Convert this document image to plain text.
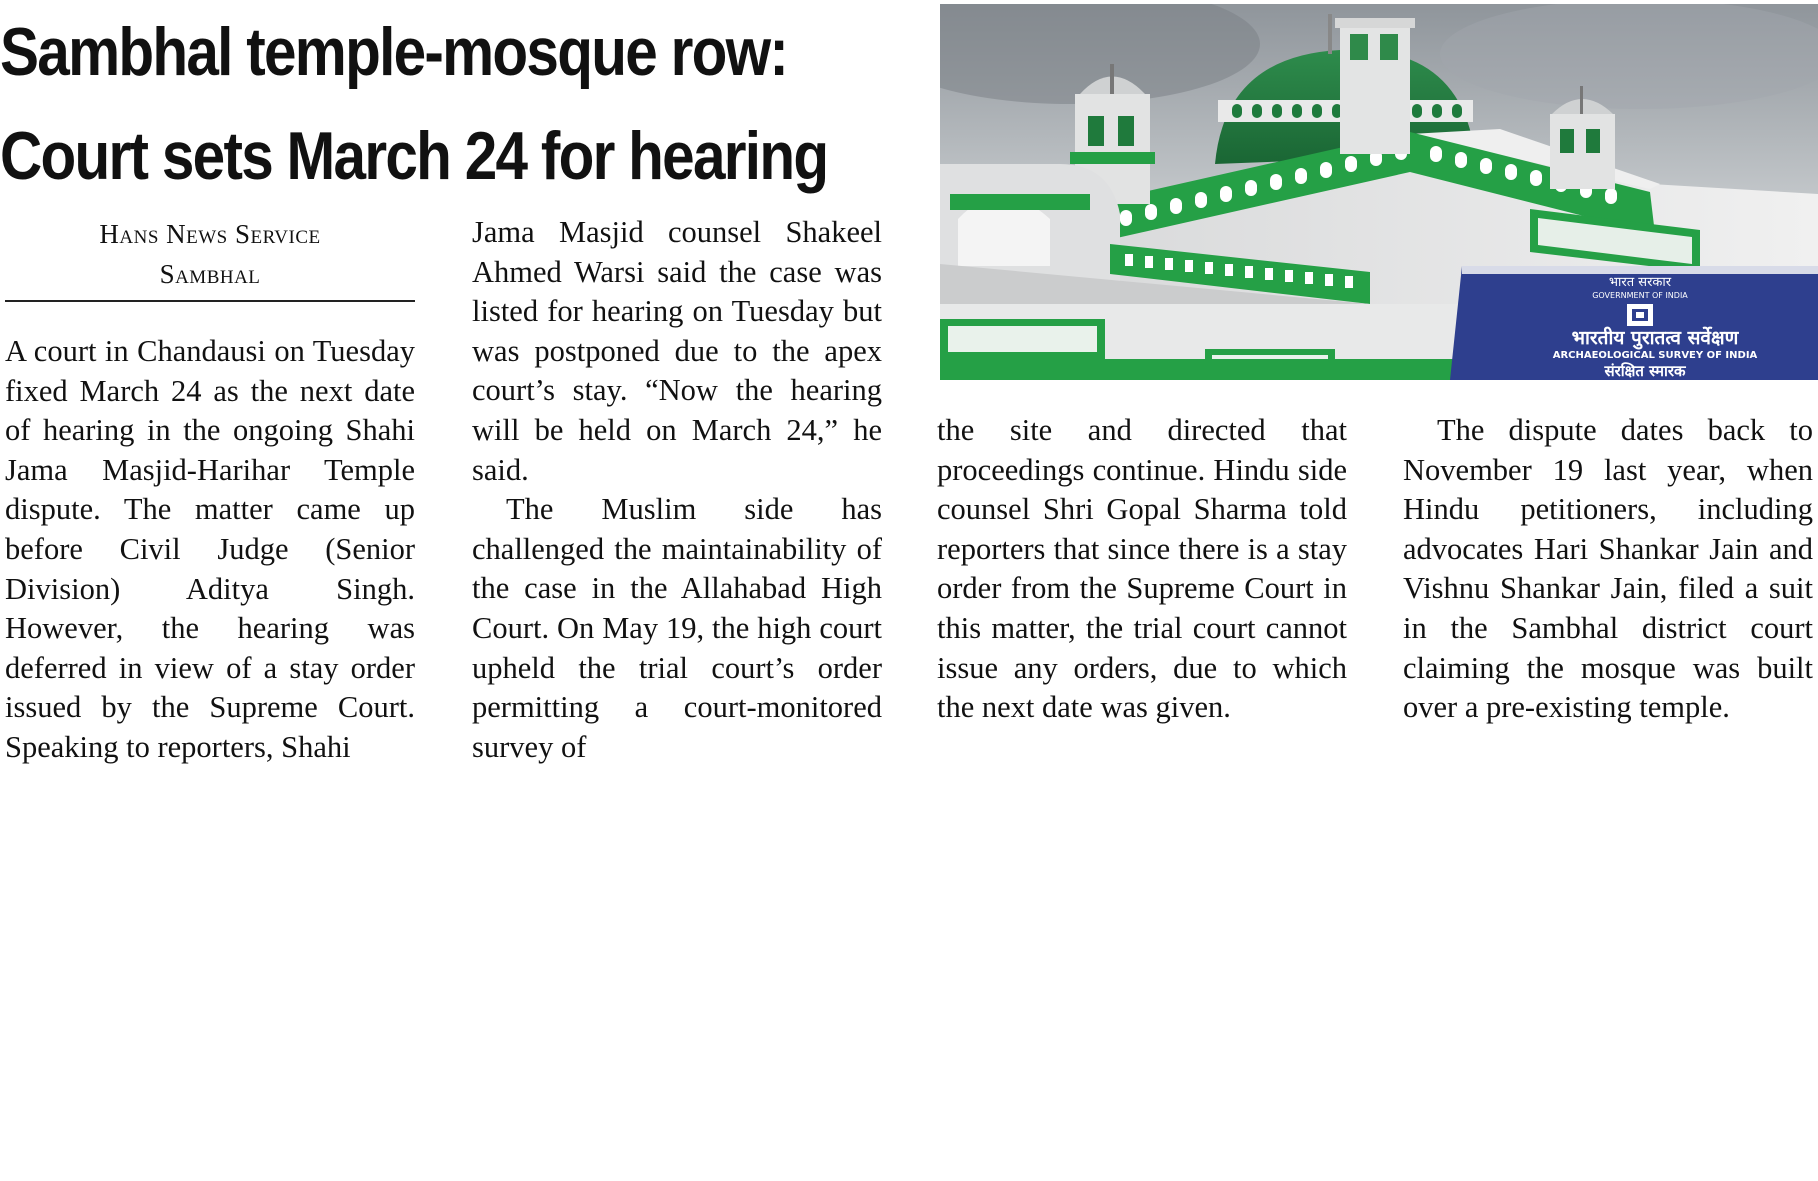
Sambhal temple-mosque row:
Court sets March 24 for hearing
Hans News Service
Sambhal

A court in Chandausi on Tuesday fixed March 24 as the next date of hearing in the ongoing Shahi Jama Masjid-Harihar Temple dispute. The matter came up before Civil Judge (Senior Division) Aditya Singh. However, the hearing was deferred in view of a stay order issued by the Supreme Court. Speaking to reporters, Shahi

Jama Masjid counsel Shakeel Ahmed Warsi said the case was listed for hearing on Tuesday but was postponed due to the apex court’s stay. “Now the hearing will be held on March 24,” he said.

The Muslim side has challenged the maintainability of the case in the Allahabad High Court. On May 19, the high court upheld the trial court’s order permitting a court-monitored survey of

the site and directed that proceedings continue. Hindu side counsel Shri Gopal Sharma told reporters that since there is a stay order from the Supreme Court in this matter, the trial court cannot issue any orders, due to which the next date was given.

The dispute dates back to November 19 last year, when Hindu petitioners, including advocates Hari Shankar Jain and Vishnu Shankar Jain, filed a suit in the Sambhal district court claiming the mosque was built over a pre-existing temple.

भारत सरकार
GOVERNMENT OF INDIA
भारतीय पुरातत्व सर्वेक्षण
ARCHAEOLOGICAL SURVEY OF INDIA
संरक्षित स्मारक
